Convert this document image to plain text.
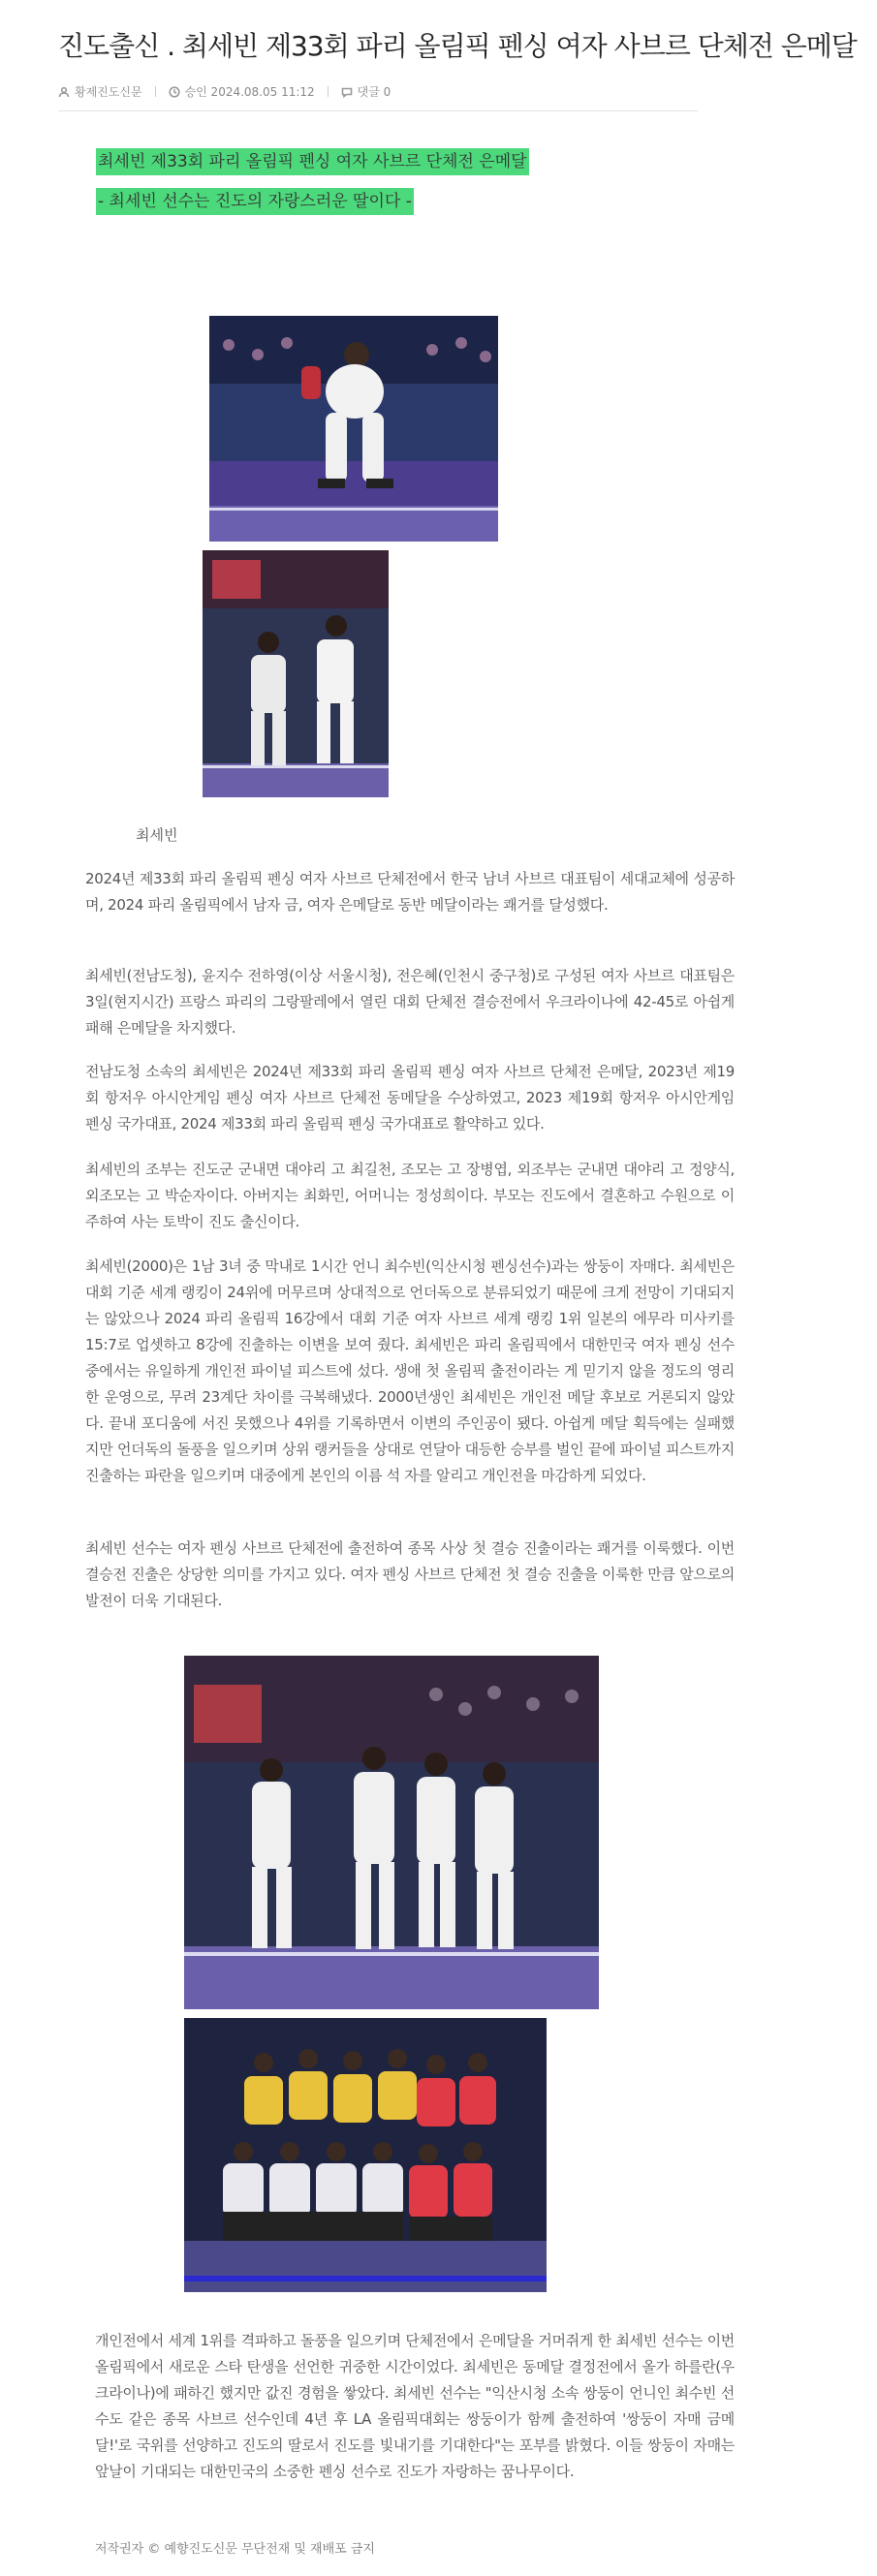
진도출신 . 최세빈 제33회 파리 올림픽 펜싱 여자 사브르 단체전 은메달
황제진도신문	승인 2024.08.05 11:12	댓글 0
최세빈 제33회 파리 올림픽 펜싱 여자 사브르 단체전 은메달
- 최세빈 선수는 진도의 자랑스러운 딸이다 -
최세빈

2024년 제33회 파리 올림픽 펜싱 여자 사브르 단체전에서 한국 남녀 사브르 대표팀이 세대교체에 성공하며, 2024 파리 올림픽에서 남자 금, 여자 은메달로 동반 메달이라는 쾌거를 달성했다.

최세빈(전남도청), 윤지수 전하영(이상 서울시청), 전은혜(인천시 중구청)로 구성된 여자 사브르 대표팀은 3일(현지시간) 프랑스 파리의 그랑팔레에서 열린 대회 단체전 결승전에서 우크라이나에 42-45로 아쉽게 패해 은메달을 차지했다.

전남도청 소속의 최세빈은 2024년 제33회 파리 올림픽 펜싱 여자 사브르 단체전 은메달, 2023년 제19회 항저우 아시안게임 펜싱 여자 사브르 단체전 동메달을 수상하였고, 2023 제19회 항저우 아시안게임 펜싱 국가대표, 2024 제33회 파리 올림픽 펜싱 국가대표로 활약하고 있다.

최세빈의 조부는 진도군 군내면 대야리 고 최길천, 조모는 고 장병엽, 외조부는 군내면 대야리 고 정양식, 외조모는 고 박순자이다. 아버지는 최화민, 어머니는 정성희이다. 부모는 진도에서 결혼하고 수원으로 이주하여 사는 토박이 진도 출신이다.

최세빈(2000)은 1남 3녀 중 막내로 1시간 언니 최수빈(익산시청 펜싱선수)과는 쌍둥이 자매다. 최세빈은 대회 기준 세계 랭킹이 24위에 머무르며 상대적으로 언더독으로 분류되었기 때문에 크게 전망이 기대되지는 않았으나 2024 파리 올림픽 16강에서 대회 기준 여자 사브르 세계 랭킹 1위 일본의 에무라 미사키를 15:7로 업셋하고 8강에 진출하는 이변을 보여 줬다. 최세빈은 파리 올림픽에서 대한민국 여자 펜싱 선수 중에서는 유일하게 개인전 파이널 피스트에 섰다. 생애 첫 올림픽 출전이라는 게 믿기지 않을 정도의 영리한 운영으로, 무려 23계단 차이를 극복해냈다. 2000년생인 최세빈은 개인전 메달 후보로 거론되지 않았다. 끝내 포디움에 서진 못했으나 4위를 기록하면서 이변의 주인공이 됐다. 아쉽게 메달 획득에는 실패했지만 언더독의 돌풍을 일으키며 상위 랭커들을 상대로 연달아 대등한 승부를 벌인 끝에 파이널 피스트까지 진출하는 파란을 일으키며 대중에게 본인의 이름 석 자를 알리고 개인전을 마감하게 되었다.

최세빈 선수는 여자 펜싱 사브르 단체전에 출전하여 종목 사상 첫 결승 진출이라는 쾌거를 이룩했다. 이번 결승전 진출은 상당한 의미를 가지고 있다. 여자 펜싱 사브르 단체전 첫 결승 진출을 이룩한 만큼 앞으로의 발전이 더욱 기대된다.

개인전에서 세계 1위를 격파하고 돌풍을 일으키며 단체전에서 은메달을 거머쥐게 한 최세빈 선수는 이번 올림픽에서 새로운 스타 탄생을 선언한 귀중한 시간이었다. 최세빈은 동메달 결정전에서 올가 하를란(우크라이나)에 패하긴 했지만 값진 경험을 쌓았다. 최세빈 선수는 "익산시청 소속 쌍둥이 언니인 최수빈 선수도 같은 종목 사브르 선수인데 4년 후 LA 올림픽대회는 쌍둥이가 함께 출전하여 '쌍둥이 자매 금메달!'로 국위를 선양하고 진도의 딸로서 진도를 빛내기를 기대한다"는 포부를 밝혔다. 이들 쌍둥이 자매는 앞날이 기대되는 대한민국의 소중한 펜싱 선수로 진도가 자랑하는 꿈나무이다.

저작권자 © 예향진도신문 무단전재 및 재배포 금지
